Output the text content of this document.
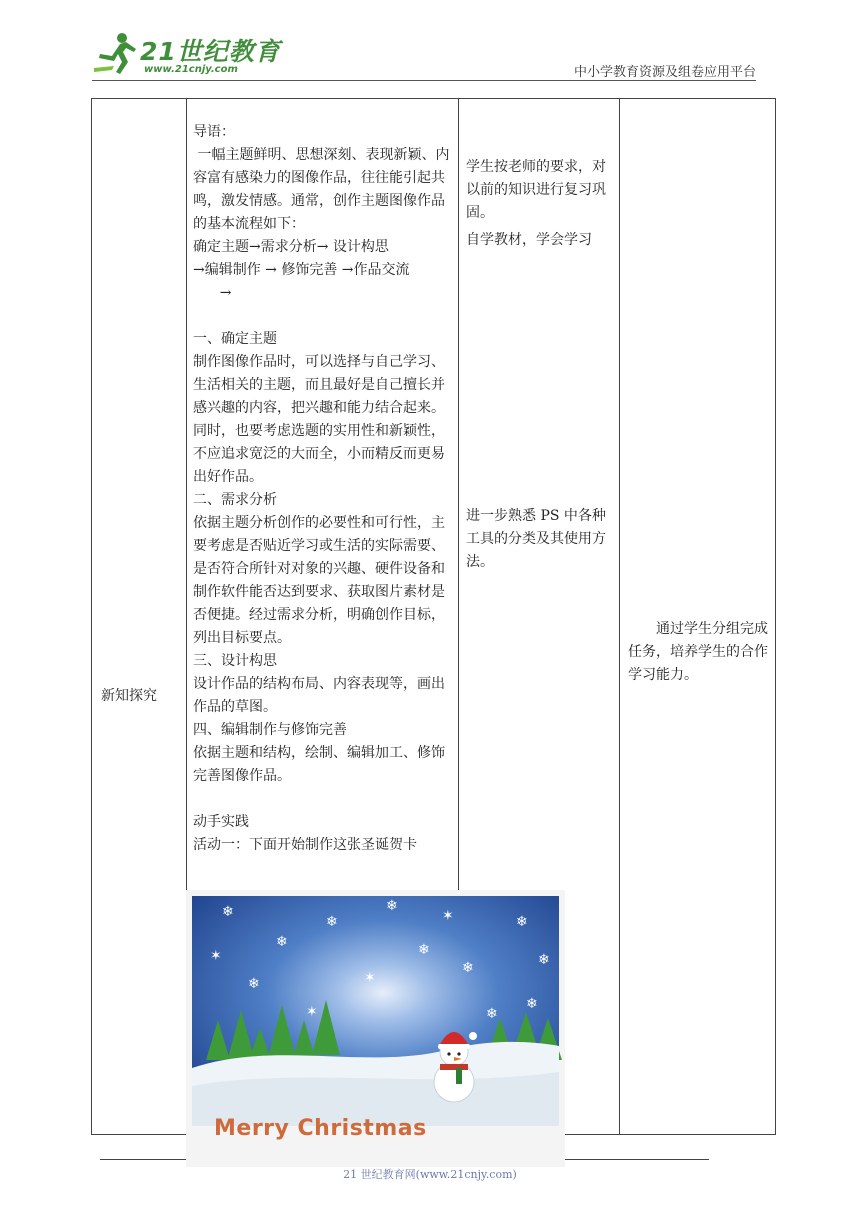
21世纪教育
www.21cnjy.com	中小学教育资源及组卷应用平台
新知探究
导语：
一幅主题鲜明、思想深刻、表现新颖、内容富有感染力的图像作品，往往能引起共鸣，激发情感。通常，创作主题图像作品的基本流程如下：
确定主题→需求分析→ 设计构思
→编辑制作 → 修饰完善 →作品交流
→
一、确定主题
制作图像作品时，可以选择与自己学习、生活相关的主题，而且最好是自己擅长并感兴趣的内容，把兴趣和能力结合起来。同时，也要考虑选题的实用性和新颖性，不应追求宽泛的大而全，小而精反而更易出好作品。
二、需求分析
依据主题分析创作的必要性和可行性，主要考虑是否贴近学习或生活的实际需要、是否符合所针对对象的兴趣、硬件设备和制作软件能否达到要求、获取图片素材是否便捷。经过需求分析，明确创作目标，列出目标要点。
三、设计构思
设计作品的结构布局、内容表现等，画出作品的草图。
四、编辑制作与修饰完善
依据主题和结构，绘制、编辑加工、修饰完善图像作品。
动手实践
活动一：下面开始制作这张圣诞贺卡
学生按老师的要求，对以前的知识进行复习巩固。
自学教材，学会学习
进一步熟悉 PS 中各种工具的分类及其使用方法。
通过学生分组完成任务，培养学生的合作学习能力。
❄
❄
❄
❄
❄
❄
❄
❄
❄	✶
❄
✶
✶
❄
✶
Merry Christmas
21 世纪教育网(www.21cnjy.com)
